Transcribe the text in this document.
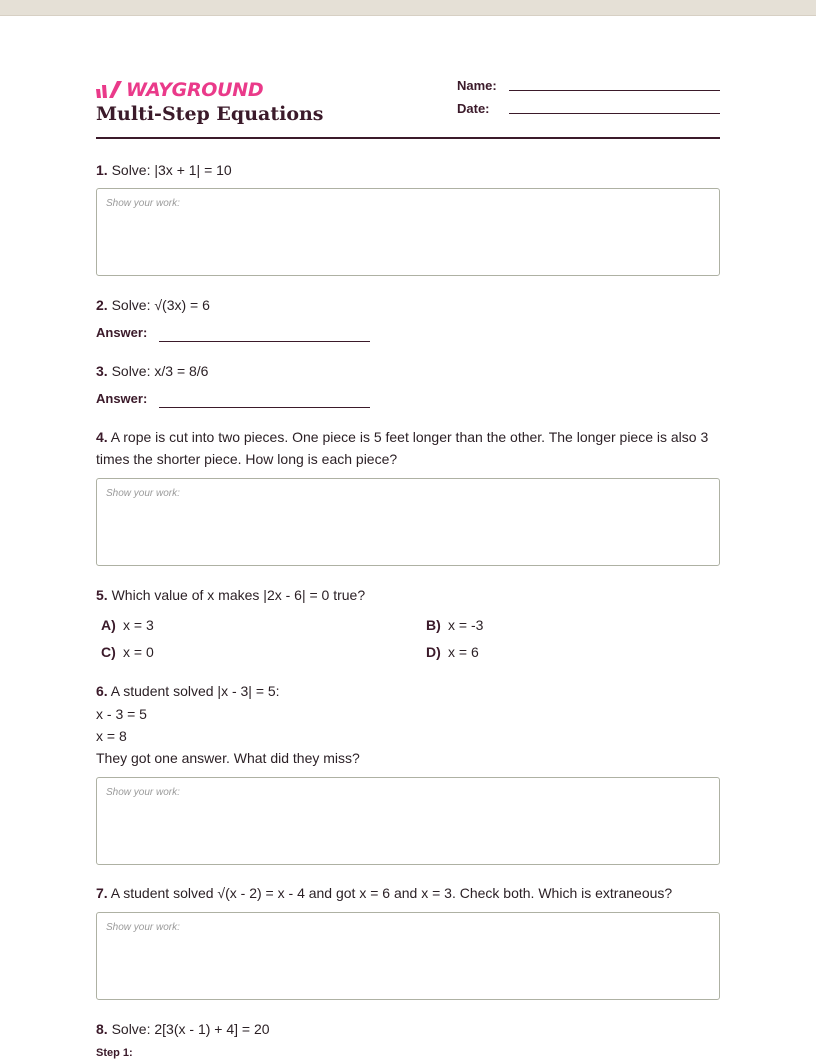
WAYGROUND
Multi-Step Equations
Name:
Date:
1. Solve: |3x + 1| = 10
Show your work:
2. Solve: √(3x) = 6
Answer:
3. Solve: x/3 = 8/6
Answer:
4. A rope is cut into two pieces. One piece is 5 feet longer than the other. The longer piece is also 3 times the shorter piece. How long is each piece?
Show your work:
5. Which value of x makes |2x - 6| = 0 true?
A) x = 3	B) x = -3
C) x = 0	D) x = 6
6. A student solved |x - 3| = 5:
x - 3 = 5
x = 8
They got one answer. What did they miss?
Show your work:
7. A student solved √(x - 2) = x - 4 and got x = 6 and x = 3. Check both. Which is extraneous?
Show your work:
8. Solve: 2[3(x - 1) + 4] = 20
Step 1:
